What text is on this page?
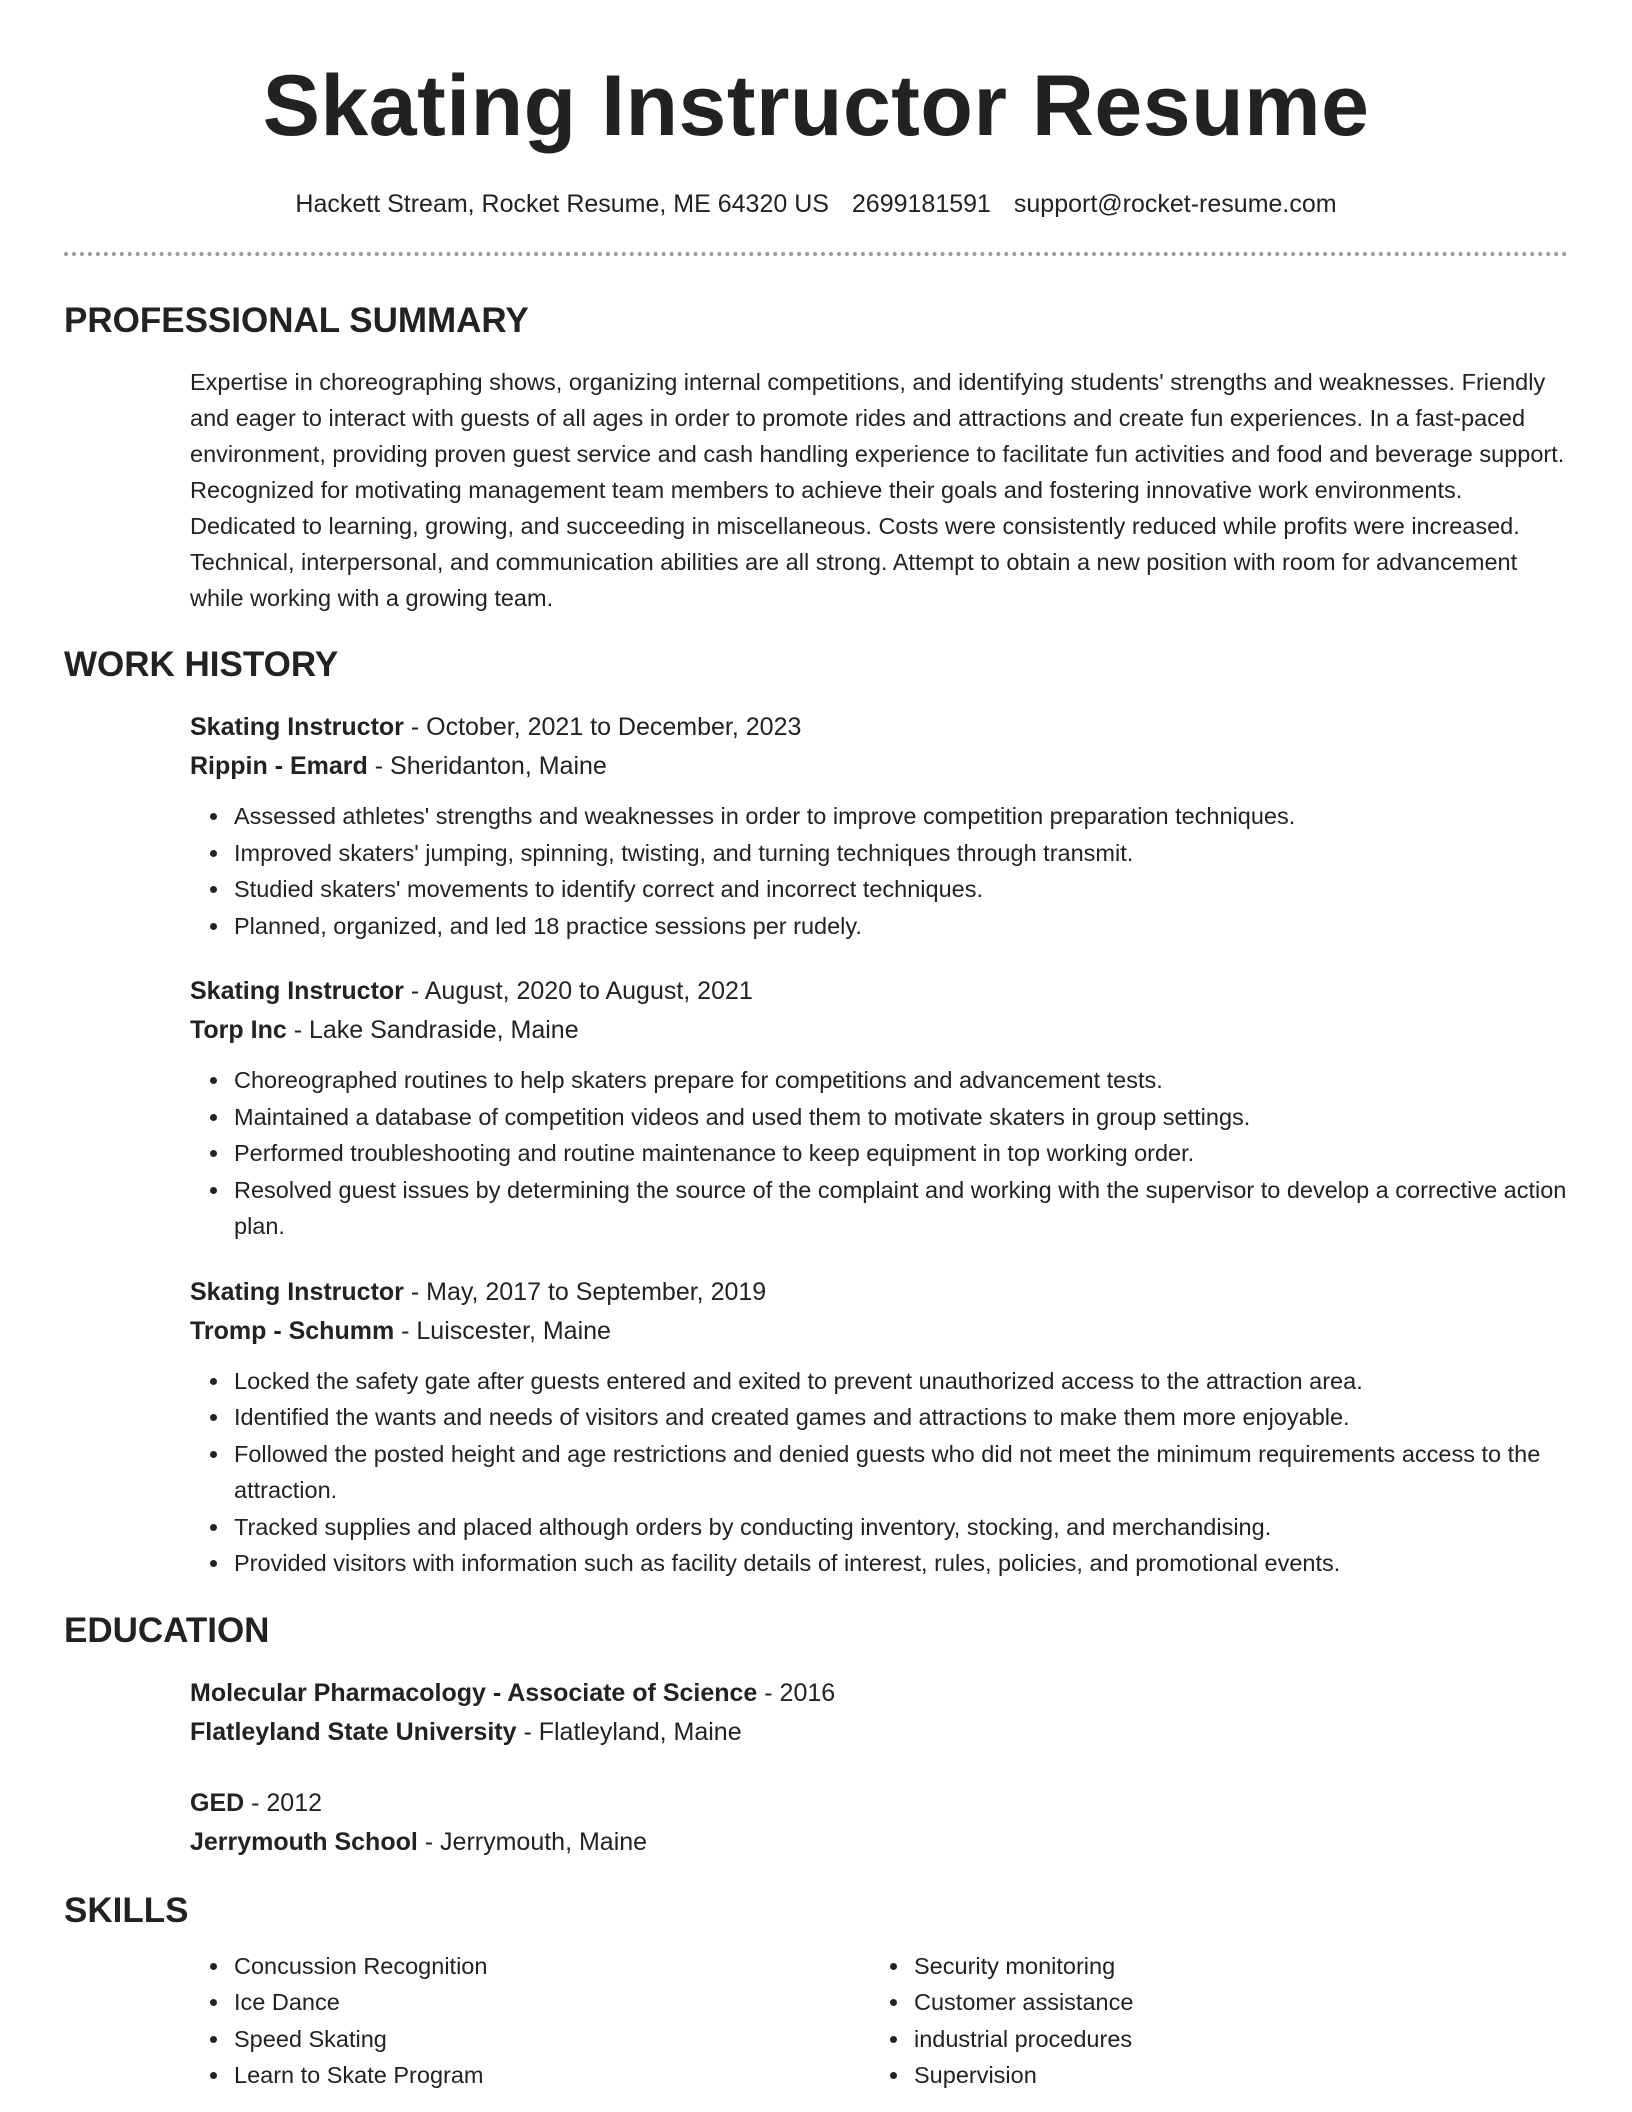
Skating Instructor Resume
Hackett Stream, Rocket Resume, ME 64320 US 2699181591 support@rocket-resume.com
PROFESSIONAL SUMMARY
Expertise in choreographing shows, organizing internal competitions, and identifying students' strengths and weaknesses. Friendly and eager to interact with guests of all ages in order to promote rides and attractions and create fun experiences. In a fast-paced environment, providing proven guest service and cash handling experience to facilitate fun activities and food and beverage support. Recognized for motivating management team members to achieve their goals and fostering innovative work environments. Dedicated to learning, growing, and succeeding in miscellaneous. Costs were consistently reduced while profits were increased. Technical, interpersonal, and communication abilities are all strong. Attempt to obtain a new position with room for advancement while working with a growing team.
WORK HISTORY
Skating Instructor - October, 2021 to December, 2023
Rippin - Emard - Sheridanton, Maine
Assessed athletes' strengths and weaknesses in order to improve competition preparation techniques.
Improved skaters' jumping, spinning, twisting, and turning techniques through transmit.
Studied skaters' movements to identify correct and incorrect techniques.
Planned, organized, and led 18 practice sessions per rudely.
Skating Instructor - August, 2020 to August, 2021
Torp Inc - Lake Sandraside, Maine
Choreographed routines to help skaters prepare for competitions and advancement tests.
Maintained a database of competition videos and used them to motivate skaters in group settings.
Performed troubleshooting and routine maintenance to keep equipment in top working order.
Resolved guest issues by determining the source of the complaint and working with the supervisor to develop a corrective action plan.
Skating Instructor - May, 2017 to September, 2019
Tromp - Schumm - Luiscester, Maine
Locked the safety gate after guests entered and exited to prevent unauthorized access to the attraction area.
Identified the wants and needs of visitors and created games and attractions to make them more enjoyable.
Followed the posted height and age restrictions and denied guests who did not meet the minimum requirements access to the attraction.
Tracked supplies and placed although orders by conducting inventory, stocking, and merchandising.
Provided visitors with information such as facility details of interest, rules, policies, and promotional events.
EDUCATION
Molecular Pharmacology - Associate of Science - 2016
Flatleyland State University - Flatleyland, Maine
GED - 2012
Jerrymouth School - Jerrymouth, Maine
SKILLS
Concussion Recognition
Ice Dance
Speed Skating
Learn to Skate Program
Security monitoring
Customer assistance
industrial procedures
Supervision
